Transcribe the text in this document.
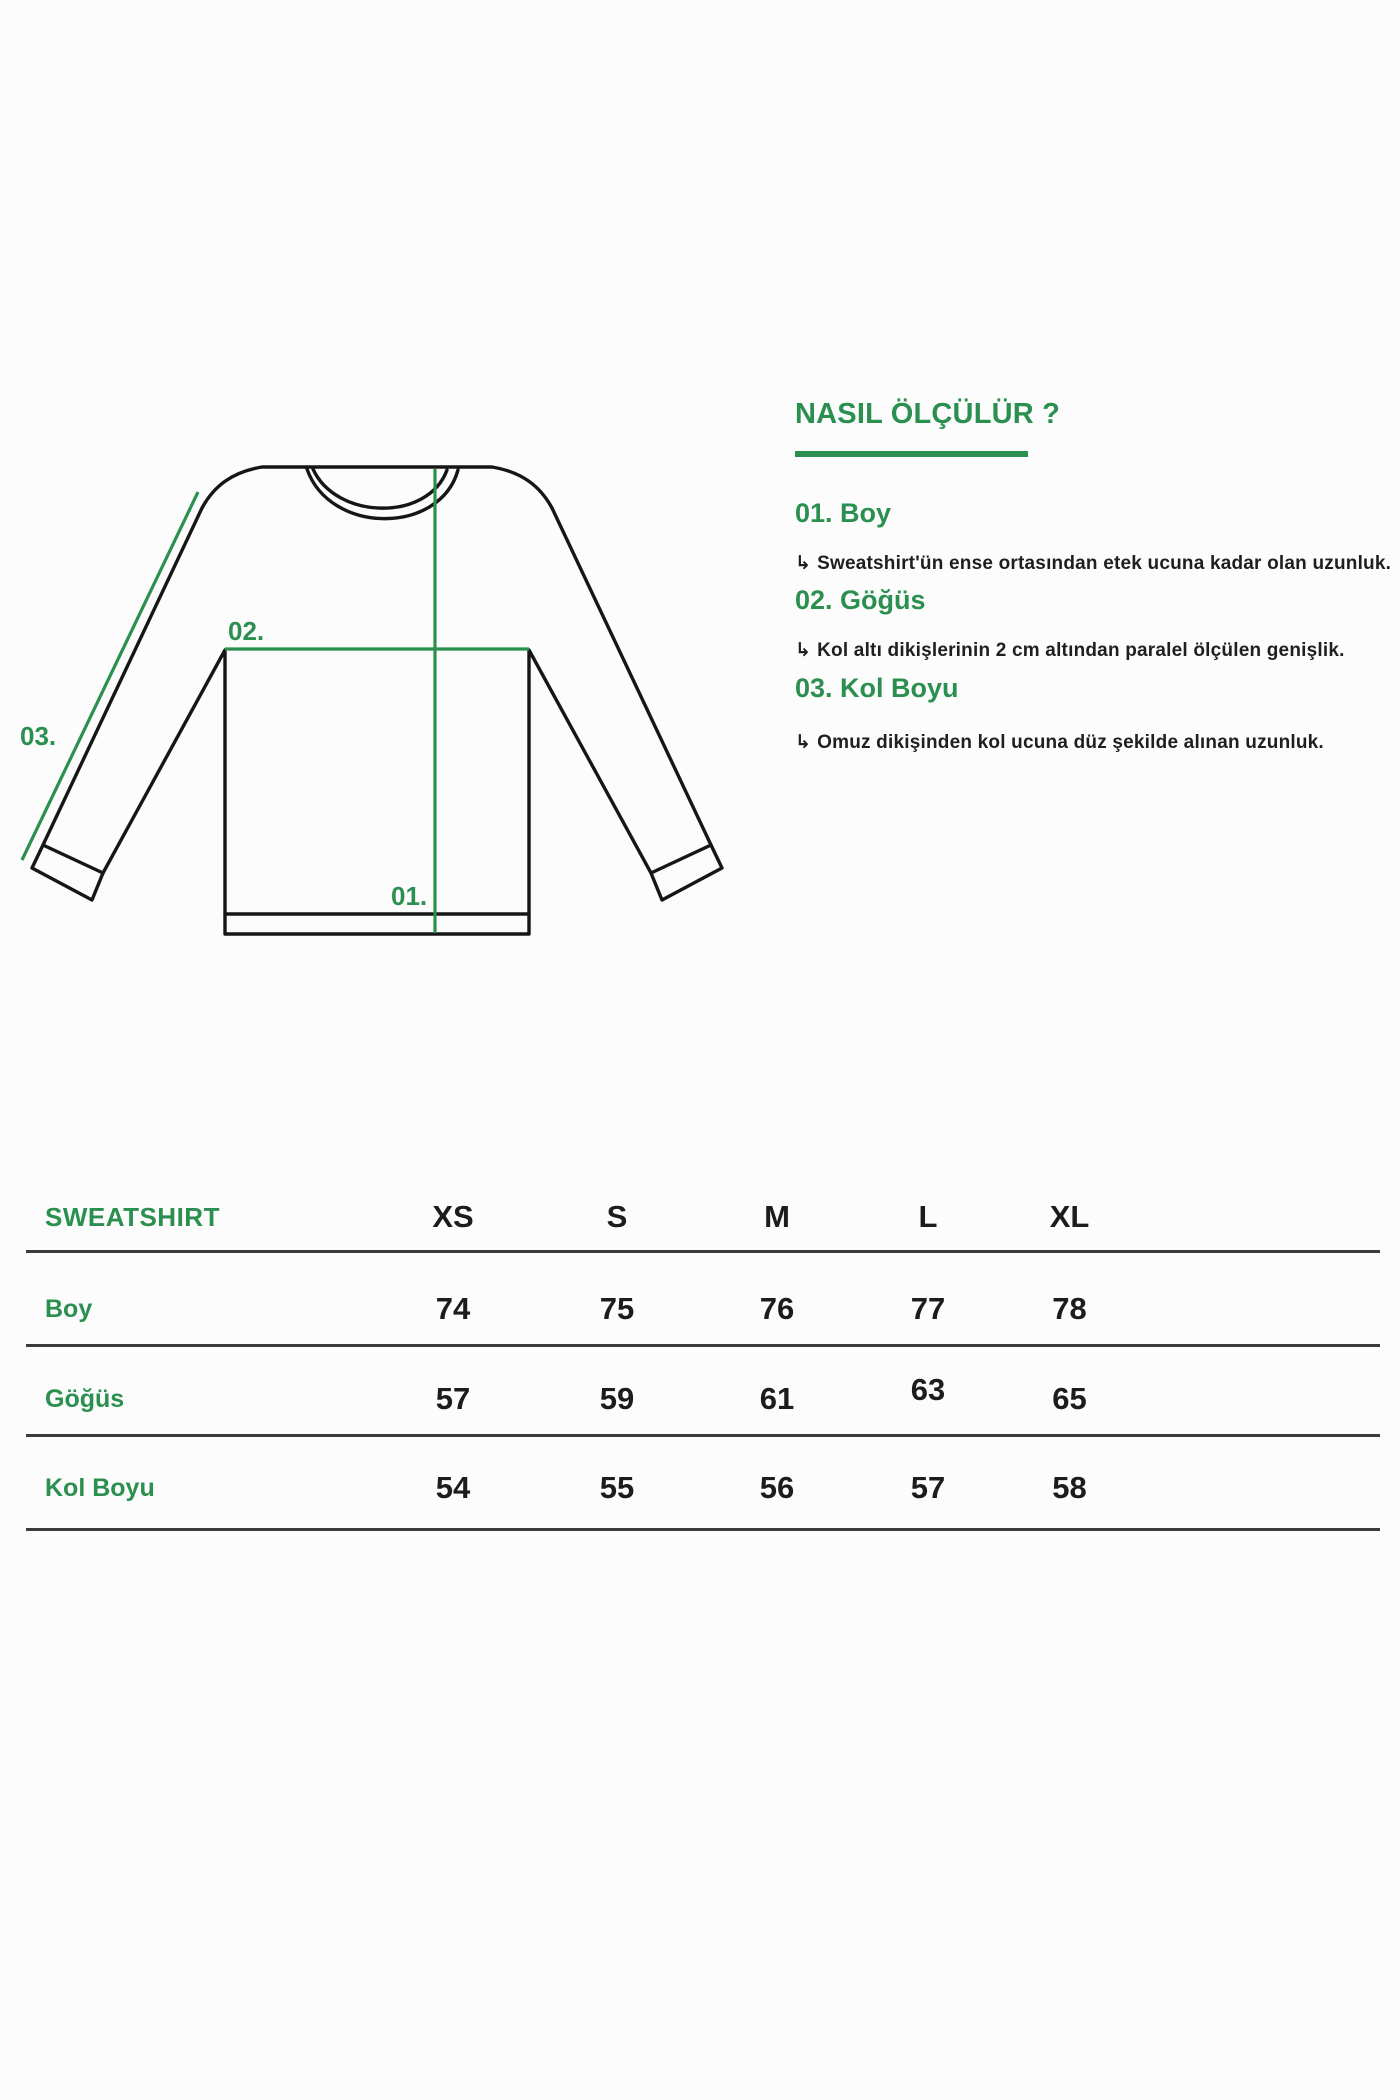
02.
03.
01.
NASIL ÖLÇÜLÜR ?
01. Boy
↳ Sweatshirt'ün ense ortasından etek ucuna kadar olan uzunluk.
02. Göğüs
↳ Kol altı dikişlerinin 2 cm altından paralel ölçülen genişlik.
03. Kol Boyu
↳ Omuz dikişinden kol ucuna düz şekilde alınan uzunluk.
SWEATSHIRT	XS	S	M	L	XL
Boy	74	75	76	77	78
Göğüs	57	59	61	63	65
Kol Boyu	54	55	56	57	58
